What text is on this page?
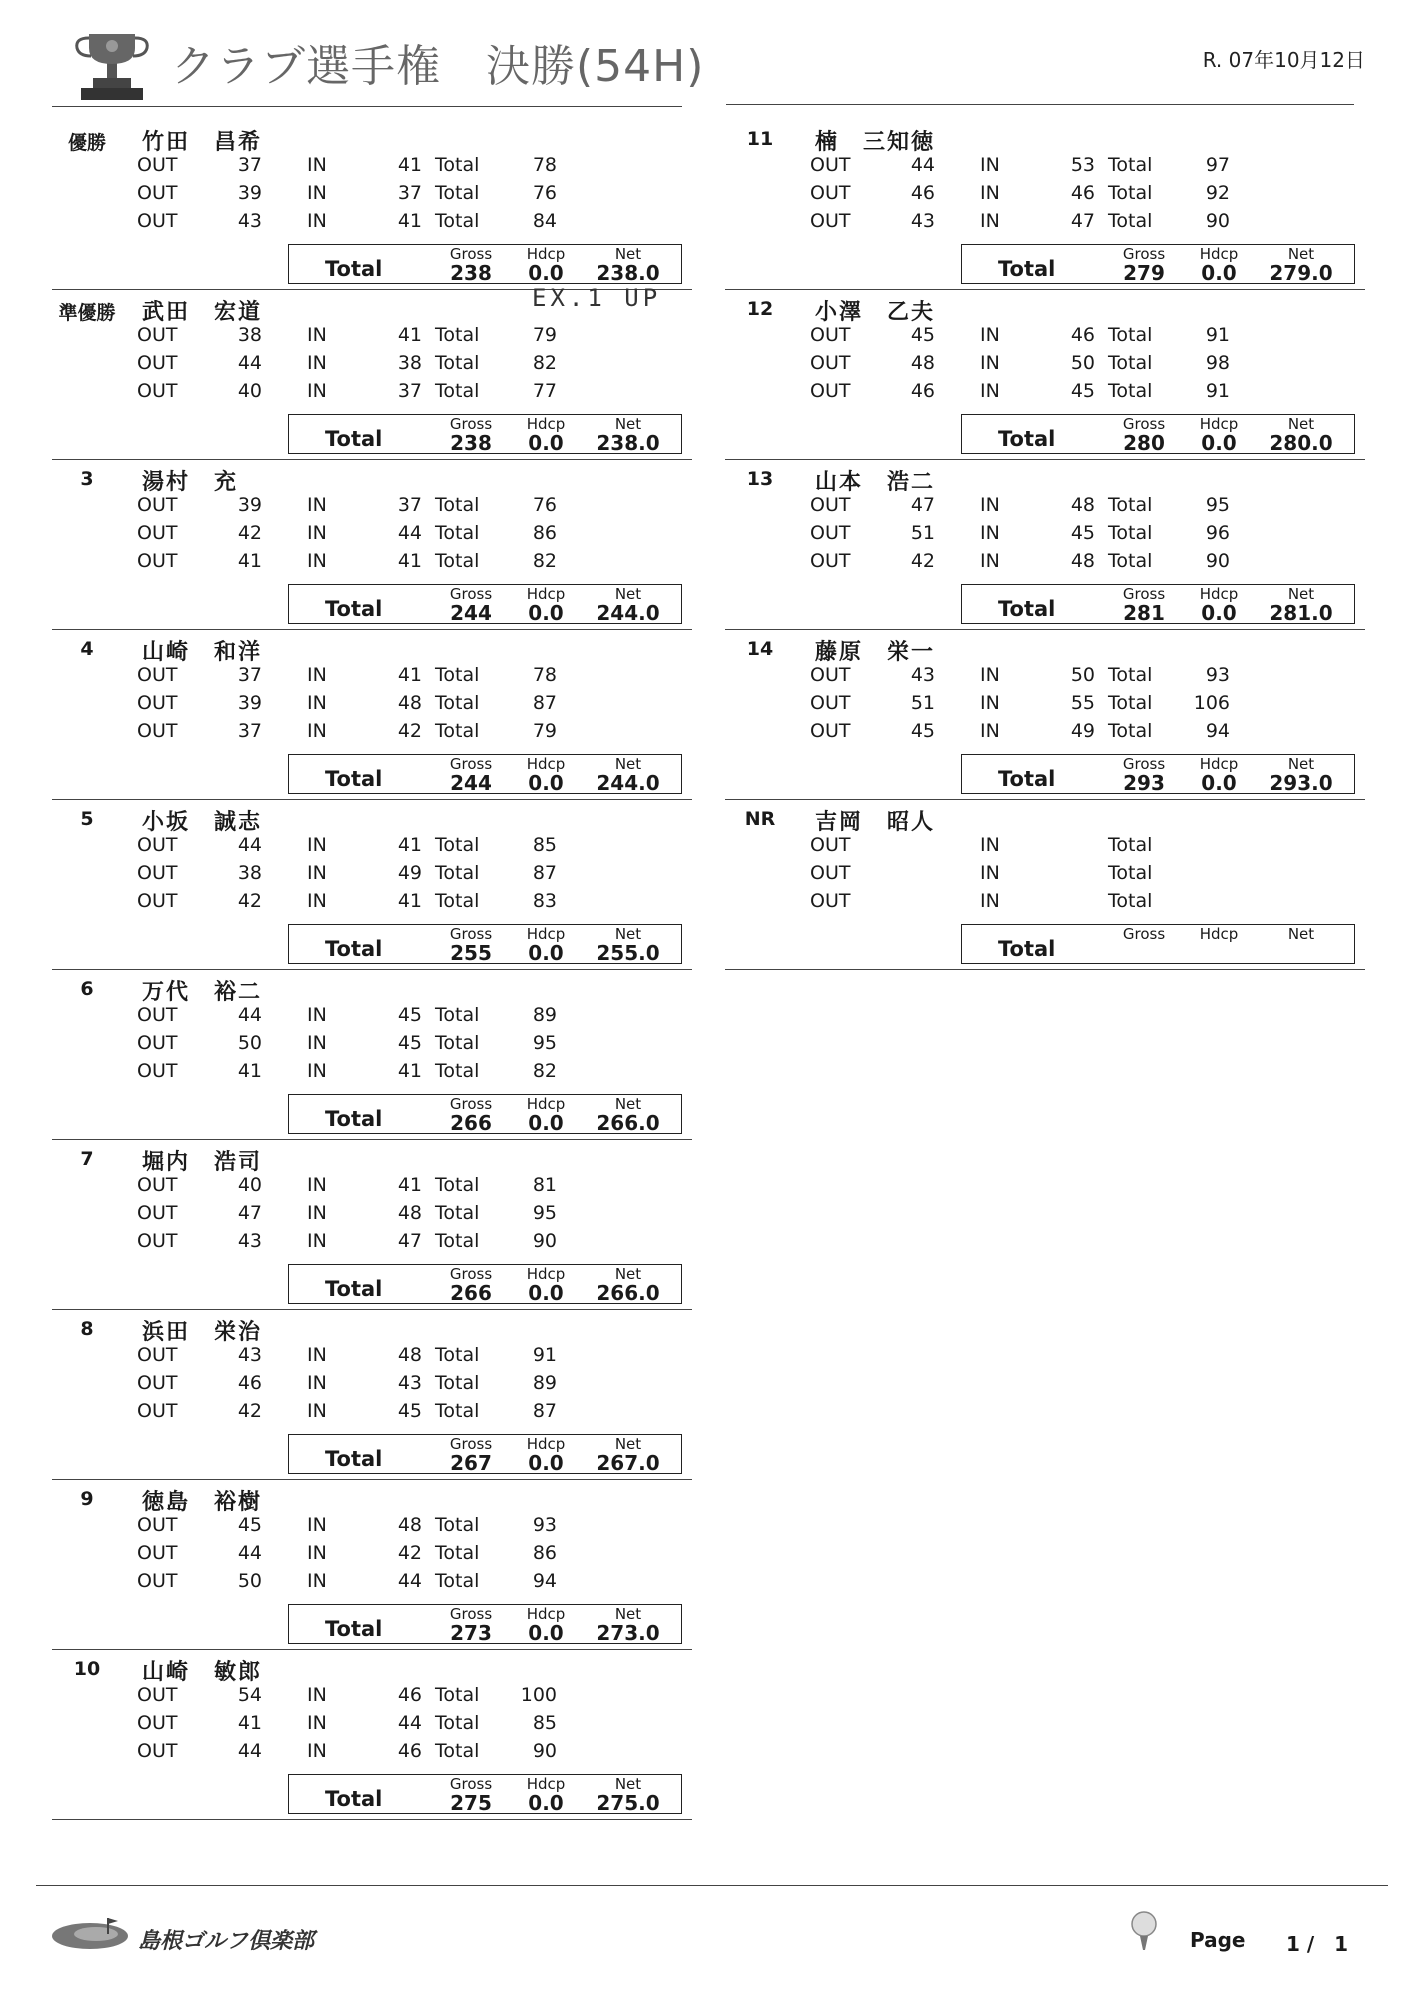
クラブ選手権　決勝(54H)	R. 07年10月12日
優勝	竹田　昌希
OUT	37 IN	41 Total	78
OUT	39 IN	37 Total	76
OUT	43 IN	41 Total	84
Total
Gross	Hdcp	Net
238	0.0	238.0
準優勝 武田　宏道
EX.1 UP
OUT	38 IN	41 Total	79
OUT	44 IN	38 Total	82
OUT	40 IN	37 Total	77
Total
Gross	Hdcp	Net
238	0.0	238.0
3	湯村　充
OUT	39 IN	37 Total	76
OUT	42 IN	44 Total	86
OUT	41 IN	41 Total	82
Total
Gross	Hdcp	Net
244	0.0	244.0
4	山崎　和洋
OUT	37 IN	41 Total	78
OUT	39 IN	48 Total	87
OUT	37 IN	42 Total	79
Total
Gross	Hdcp	Net
244	0.0	244.0
5	小坂　誠志
OUT	44 IN	41 Total	85
OUT	38 IN	49 Total	87
OUT	42 IN	41 Total	83
Total
Gross	Hdcp	Net
255	0.0	255.0
6	万代　裕二
OUT	44 IN	45 Total	89
OUT	50 IN	45 Total	95
OUT	41 IN	41 Total	82
Total
Gross	Hdcp	Net
266	0.0	266.0
7	堀内　浩司
OUT	40 IN	41 Total	81
OUT	47 IN	48 Total	95
OUT	43 IN	47 Total	90
Total
Gross	Hdcp	Net
266	0.0	266.0
8	浜田　栄治
OUT	43 IN	48 Total	91
OUT	46 IN	43 Total	89
OUT	42 IN	45 Total	87
Total
Gross	Hdcp	Net
267	0.0	267.0
9	徳島　裕樹
OUT	45 IN	48 Total	93
OUT	44 IN	42 Total	86
OUT	50 IN	44 Total	94
Total
Gross	Hdcp	Net
273	0.0	273.0
10	山崎　敏郎
OUT	54 IN	46 Total	100
OUT	41 IN	44 Total	85
OUT	44 IN	46 Total	90
Total
Gross	Hdcp	Net
275	0.0	275.0
11	楠　三知徳
OUT	44 IN	53 Total	97
OUT	46 IN	46 Total	92
OUT	43 IN	47 Total	90
Total
Gross	Hdcp	Net
279	0.0	279.0
12	小澤　乙夫
OUT	45 IN	46 Total	91
OUT	48 IN	50 Total	98
OUT	46 IN	45 Total	91
Total
Gross	Hdcp	Net
280	0.0	280.0
13	山本　浩二
OUT	47 IN	48 Total	95
OUT	51 IN	45 Total	96
OUT	42 IN	48 Total	90
Total
Gross	Hdcp	Net
281	0.0	281.0
14	藤原　栄一
OUT	43 IN	50 Total	93
OUT	51 IN	55 Total	106
OUT	45 IN	49 Total	94
Total
Gross	Hdcp	Net
293	0.0	293.0
NR	吉岡　昭人
OUT	IN	Total
OUT	IN	Total
OUT	IN	Total
Total
Gross	Hdcp	Net
島根ゴルフ倶楽部	Page 1 /　1
